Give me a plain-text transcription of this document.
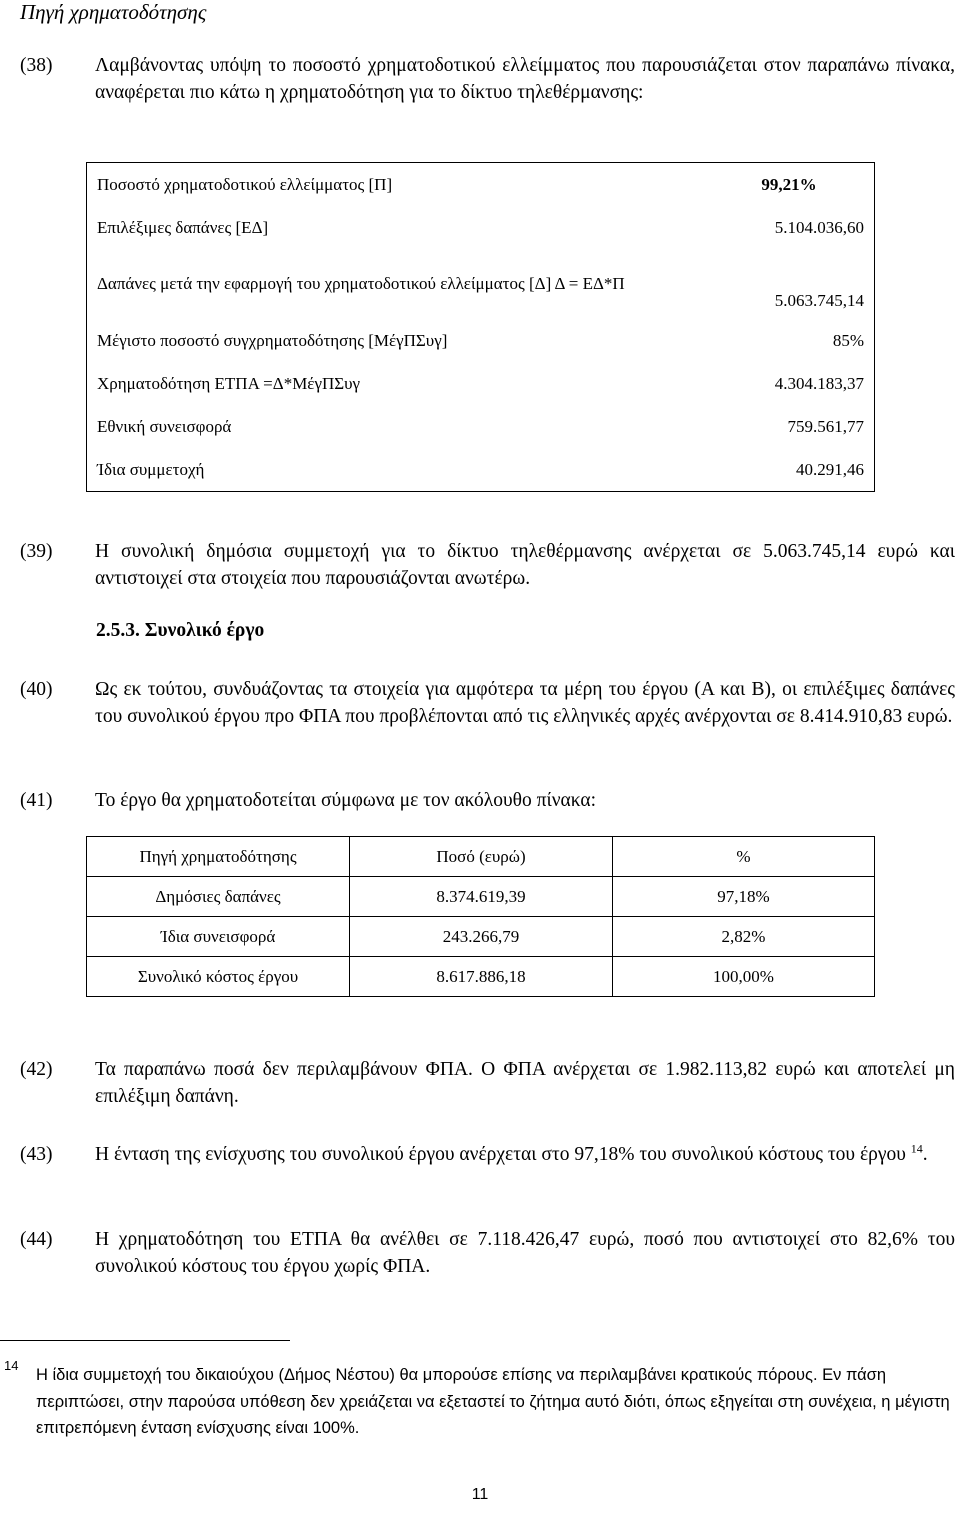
Πηγή χρηματοδότησης
(38) Λαμβάνοντας υπόψη το ποσοστό χρηματοδοτικού ελλείμματος που παρουσιάζεται στον παραπάνω πίνακα, αναφέρεται πιο κάτω η χρηματοδότηση για το δίκτυο τηλεθέρμανσης:
Ποσοστό χρηματοδοτικού ελλείμματος [Π]	99,21%
Επιλέξιμες δαπάνες [ΕΔ]	5.104.036,60
Δαπάνες μετά την εφαρμογή του χρηματοδοτικού ελλείμματος [Δ] Δ = ΕΔ*Π	5.063.745,14
Μέγιστο ποσοστό συγχρηματοδότησης [ΜέγΠΣυγ]	85%
Χρηματοδότηση ΕΤΠΑ =Δ*ΜέγΠΣυγ	4.304.183,37
Εθνική συνεισφορά	759.561,77
Ίδια συμμετοχή	40.291,46
(39) Η συνολική δημόσια συμμετοχή για το δίκτυο τηλεθέρμανσης ανέρχεται σε 5.063.745,14 ευρώ και αντιστοιχεί στα στοιχεία που παρουσιάζονται ανωτέρω.
2.5.3. Συνολικό έργο
(40) Ως εκ τούτου, συνδυάζοντας τα στοιχεία για αμφότερα τα μέρη του έργου (Α και Β), οι επιλέξιμες δαπάνες του συνολικού έργου προ ΦΠΑ που προβλέπονται από τις ελληνικές αρχές ανέρχονται σε 8.414.910,83 ευρώ.
(41) Το έργο θα χρηματοδοτείται σύμφωνα με τον ακόλουθο πίνακα:
Πηγή χρηματοδότησης	Ποσό (ευρώ)	%
Δημόσιες δαπάνες	8.374.619,39	97,18%
Ίδια συνεισφορά	243.266,79	2,82%
Συνολικό κόστος έργου	8.617.886,18	100,00%
(42) Τα παραπάνω ποσά δεν περιλαμβάνουν ΦΠΑ. Ο ΦΠΑ ανέρχεται σε 1.982.113,82 ευρώ και αποτελεί μη επιλέξιμη δαπάνη.
(43) Η ένταση της ενίσχυσης του συνολικού έργου ανέρχεται στο 97,18% του συνολικού κόστους του έργου $^{14}$.
(44) Η χρηματοδότηση του ΕΤΠΑ θα ανέλθει σε 7.118.426,47 ευρώ, ποσό που αντιστοιχεί στο 82,6% του συνολικού κόστους του έργου χωρίς ΦΠΑ.
14
Η ίδια συμμετοχή του δικαιούχου (Δήμος Νέστου) θα μπορούσε επίσης να περιλαμβάνει κρατικούς πόρους. Εν πάση περιπτώσει, στην παρούσα υπόθεση δεν χρειάζεται να εξεταστεί το ζήτημα αυτό διότι, όπως εξηγείται στη συνέχεια, η μέγιστη επιτρεπόμενη ένταση ενίσχυσης είναι 100%.
11
